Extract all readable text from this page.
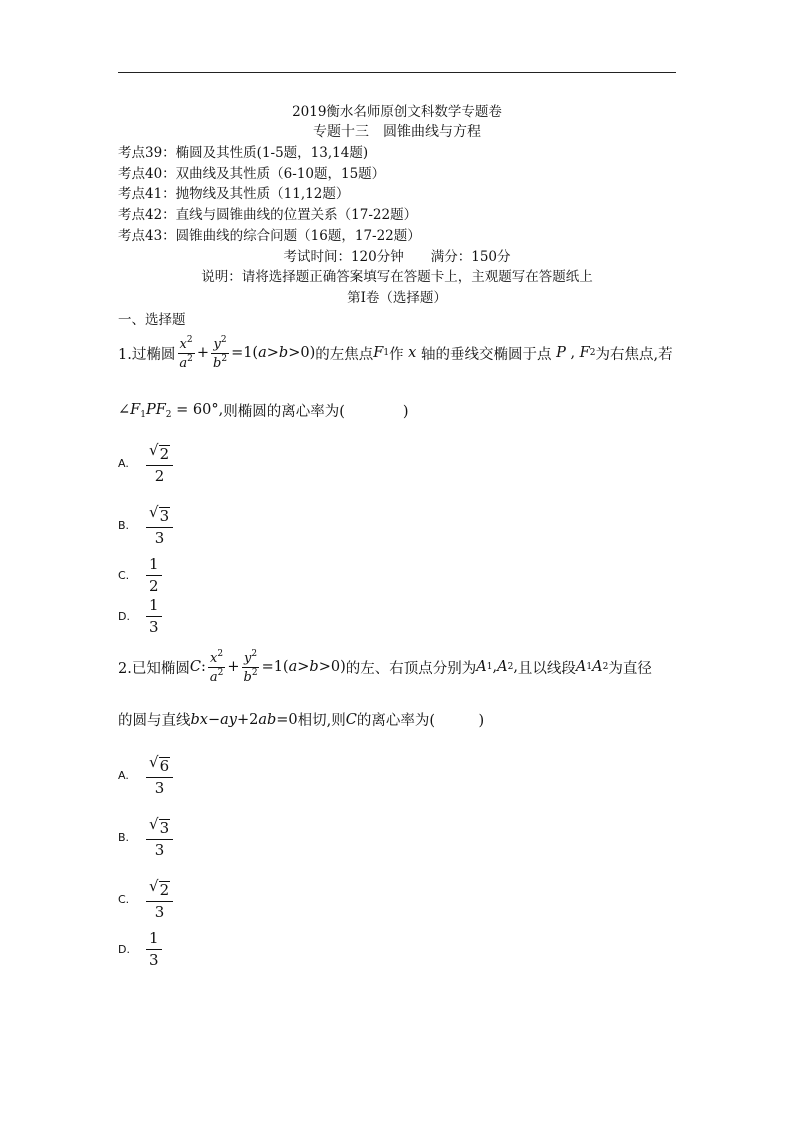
2019衡水名师原创文科数学专题卷
专题十三　圆锥曲线与方程
考点39：椭圆及其性质(1-5题，13,14题)
考点40：双曲线及其性质（6-10题，15题）
考点41：抛物线及其性质（11,12题）
考点42：直线与圆锥曲线的位置关系（17-22题）
考点43：圆锥曲线的综合问题（16题，17-22题）
考试时间：120分钟　　满分：150分
说明：请将选择题正确答案填写在答题卡上，主观题写在答题纸上
第I卷（选择题）
一、选择题
1.过椭圆 $\frac{x^2}{a^2} + \frac{y^2}{b^2} =1(a>b>0)$ 的左焦点 F 1 作 x 轴的垂线交椭圆于点 P , F 2 为右焦点,若
$\angle F_1PF_2 = 60^\circ$, 则椭圆的离心率为(　　　　)
A.
√ 2
2
B.
√ 3
3
C.
1
2
D.
1
3
2.已知椭圆 C : $\frac{x^2}{a^2} + \frac{y^2}{b^2} =1(a>b>0)$ 的左、右顶点分别为 A 1 , A 2 , 且以线段 A 1 A 2 为直径
的圆与直线 bx − ay +2 ab =0 相切,则 C 的离心率为(　　　)
A.
√ 6
3
B.
√ 3
3
C.
√ 2
3
D.
1
3
